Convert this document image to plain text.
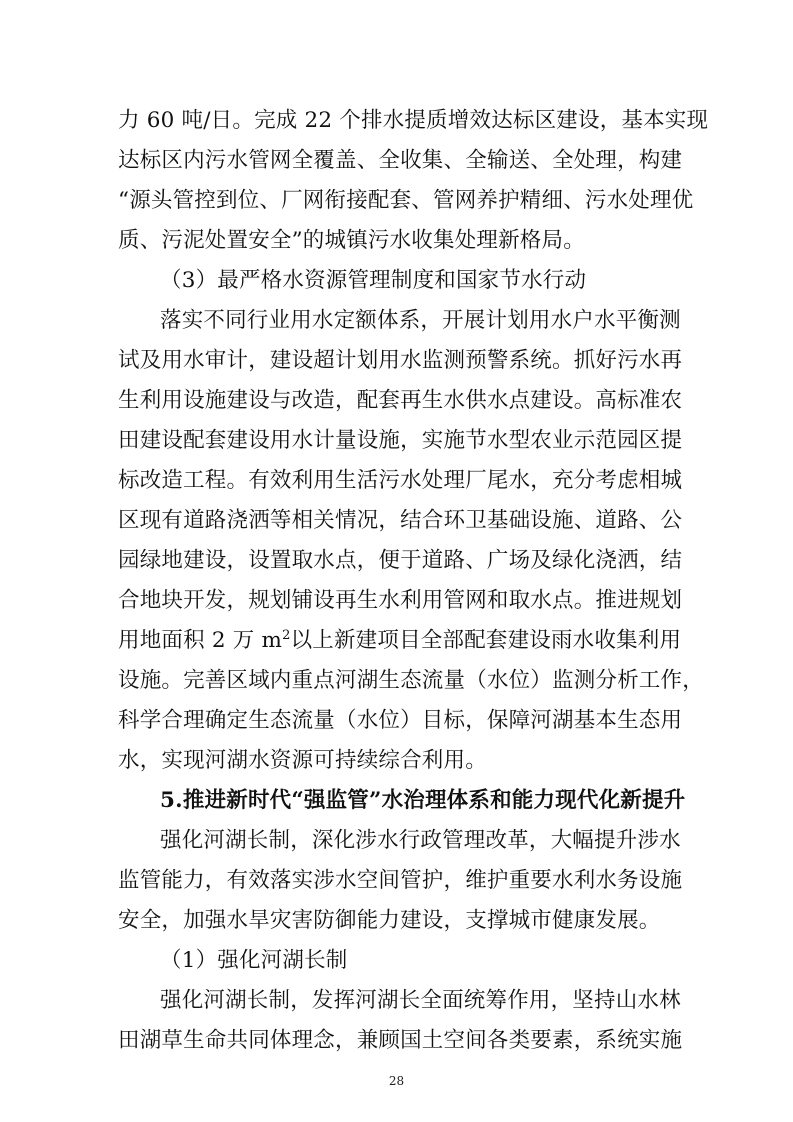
力 60 吨/日。完成 22 个排水提质增效达标区建设，基本实现
达标区内污水管网全覆盖、全收集、全输送、全处理，构建
“源头管控到位、厂网衔接配套、管网养护精细、污水处理优
质、污泥处置安全”的城镇污水收集处理新格局。
（3）最严格水资源管理制度和国家节水行动
落实不同行业用水定额体系，开展计划用水户水平衡测
试及用水审计，建设超计划用水监测预警系统。抓好污水再
生利用设施建设与改造，配套再生水供水点建设。高标准农
田建设配套建设用水计量设施，实施节水型农业示范园区提
标改造工程。有效利用生活污水处理厂尾水，充分考虑相城
区现有道路浇洒等相关情况，结合环卫基础设施、道路、公
园绿地建设，设置取水点，便于道路、广场及绿化浇洒，结
合地块开发，规划铺设再生水利用管网和取水点。推进规划
用地面积 2 万 $m^2$以上新建项目全部配套建设雨水收集利用
设施。完善区域内重点河湖生态流量（水位）监测分析工作，
科学合理确定生态流量（水位）目标，保障河湖基本生态用
水，实现河湖水资源可持续综合利用。
5.推进新时代“强监管”水治理体系和能力现代化新提升
强化河湖长制，深化涉水行政管理改革，大幅提升涉水
监管能力，有效落实涉水空间管护，维护重要水利水务设施
安全，加强水旱灾害防御能力建设，支撑城市健康发展。
（1）强化河湖长制
强化河湖长制，发挥河湖长全面统筹作用，坚持山水林
田湖草生命共同体理念，兼顾国土空间各类要素，系统实施
28
